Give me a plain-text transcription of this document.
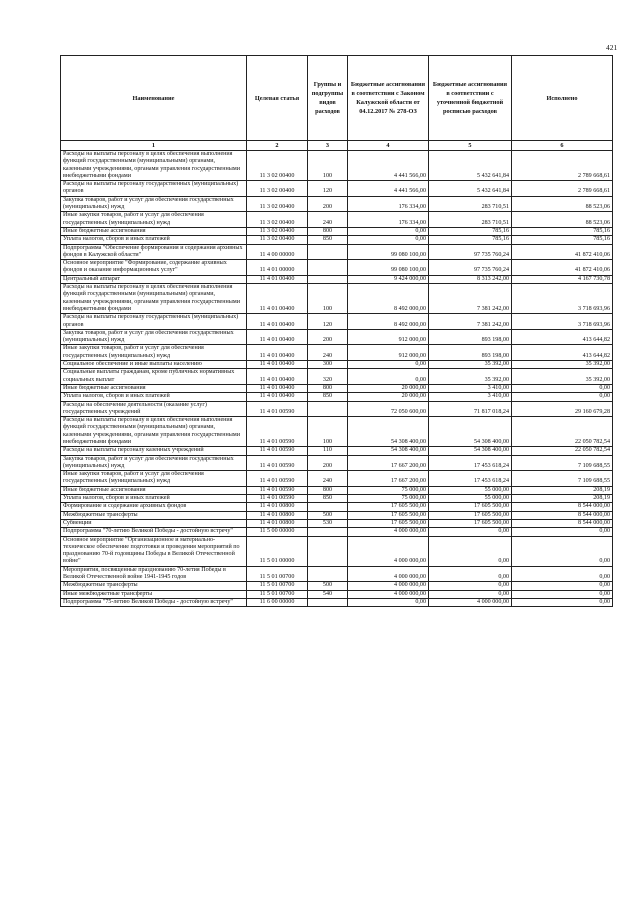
421
Наименование	Целевая статья	Группы и подгруппы видов расходов	Бюджетные ассигнования в соответствии с Законом Калужской области от 04.12.2017 № 278-ОЗ	Бюджетные ассигнования в соответствии с уточненной бюджетной росписью расходов	Исполнено
1	2	3	4	5	6
Расходы на выплаты персоналу в целях обеспечения выполнения функций государственными (муниципальными) органами, казенными учреждениями, органами управления государственными внебюджетными фондами	11 3 02 00400	100	4 441 566,00	5 432 641,84	2 789 668,61
Расходы на выплаты персоналу государственных (муниципальных) органов	11 3 02 00400	120	4 441 566,00	5 432 641,84	2 789 668,61
Закупка товаров, работ и услуг для обеспечения государственных (муниципальных) нужд	11 3 02 00400	200	176 334,00	283 710,51	88 523,06
Иные закупки товаров, работ и услуг для обеспечения государственных (муниципальных) нужд	11 3 02 00400	240	176 334,00	283 710,51	88 523,06
Иные бюджетные ассигнования	11 3 02 00400	800	0,00	785,16	785,16
Уплата налогов, сборов и иных платежей	11 3 02 00400	850	0,00	785,16	785,16
Подпрограмма "Обеспечение формирования и содержания архивных фондов в Калужской области"	11 4 00 00000		99 080 100,00	97 735 760,24	41 872 410,06
Основное мероприятие "Формирование, содержание архивных фондов и оказание информационных услуг"	11 4 01 00000		99 080 100,00	97 735 760,24	41 872 410,06
Центральный аппарат	11 4 01 00400		9 424 000,00	8 313 242,00	4 167 730,78
Расходы на выплаты персоналу в целях обеспечения выполнения функций государственными (муниципальными) органами, казенными учреждениями, органами управления государственными внебюджетными фондами	11 4 01 00400	100	8 492 000,00	7 381 242,00	3 718 693,96
Расходы на выплаты персоналу государственных (муниципальных) органов	11 4 01 00400	120	8 492 000,00	7 381 242,00	3 718 693,96
Закупка товаров, работ и услуг для обеспечения государственных (муниципальных) нужд	11 4 01 00400	200	912 000,00	893 198,00	413 644,82
Иные закупки товаров, работ и услуг для обеспечения государственных (муниципальных) нужд	11 4 01 00400	240	912 000,00	893 198,00	413 644,82
Социальное обеспечение и иные выплаты населению	11 4 01 00400	300	0,00	35 392,00	35 392,00
Социальные выплаты гражданам, кроме публичных нормативных социальных выплат	11 4 01 00400	320	0,00	35 392,00	35 392,00
Иные бюджетные ассигнования	11 4 01 00400	800	20 000,00	3 410,00	0,00
Уплата налогов, сборов и иных платежей	11 4 01 00400	850	20 000,00	3 410,00	0,00
Расходы на обеспечение деятельности (оказание услуг) государственных учреждений	11 4 01 00590		72 050 600,00	71 817 018,24	29 160 679,28
Расходы на выплаты персоналу в целях обеспечения выполнения функций государственными (муниципальными) органами, казенными учреждениями, органами управления государственными внебюджетными фондами	11 4 01 00590	100	54 308 400,00	54 308 400,00	22 050 782,54
Расходы на выплаты персоналу казенных учреждений	11 4 01 00590	110	54 308 400,00	54 308 400,00	22 050 782,54
Закупка товаров, работ и услуг для обеспечения государственных (муниципальных) нужд	11 4 01 00590	200	17 667 200,00	17 453 618,24	7 109 688,55
Иные закупки товаров, работ и услуг для обеспечения государственных (муниципальных) нужд	11 4 01 00590	240	17 667 200,00	17 453 618,24	7 109 688,55
Иные бюджетные ассигнования	11 4 01 00590	800	75 000,00	55 000,00	208,19
Уплата налогов, сборов и иных платежей	11 4 01 00590	850	75 000,00	55 000,00	208,19
Формирование и содержание архивных фондов	11 4 01 00800		17 605 500,00	17 605 500,00	8 544 000,00
Межбюджетные трансферты	11 4 01 00800	500	17 605 500,00	17 605 500,00	8 544 000,00
Субвенции	11 4 01 00800	530	17 605 500,00	17 605 500,00	8 544 000,00
Подпрограмма "70-летию Великой Победы - достойную встречу"	11 5 00 00000		4 000 000,00	0,00	0,00
Основное мероприятие "Организационное и материально-техническое обеспечение подготовки и проведения мероприятий по празднованию 70-й годовщины Победы в Великой Отечественной войне"	11 5 01 00000		4 000 000,00	0,00	0,00
Мероприятия, посвященные празднованию 70-летия Победы в Великой Отечественной войне 1941-1945 годов	11 5 01 00700		4 000 000,00	0,00	0,00
Межбюджетные трансферты	11 5 01 00700	500	4 000 000,00	0,00	0,00
Иные межбюджетные трансферты	11 5 01 00700	540	4 000 000,00	0,00	0,00
Подпрограмма "75-летию Великой Победы - достойную встречу"	11 6 00 00000		0,00	4 000 000,00	0,00
